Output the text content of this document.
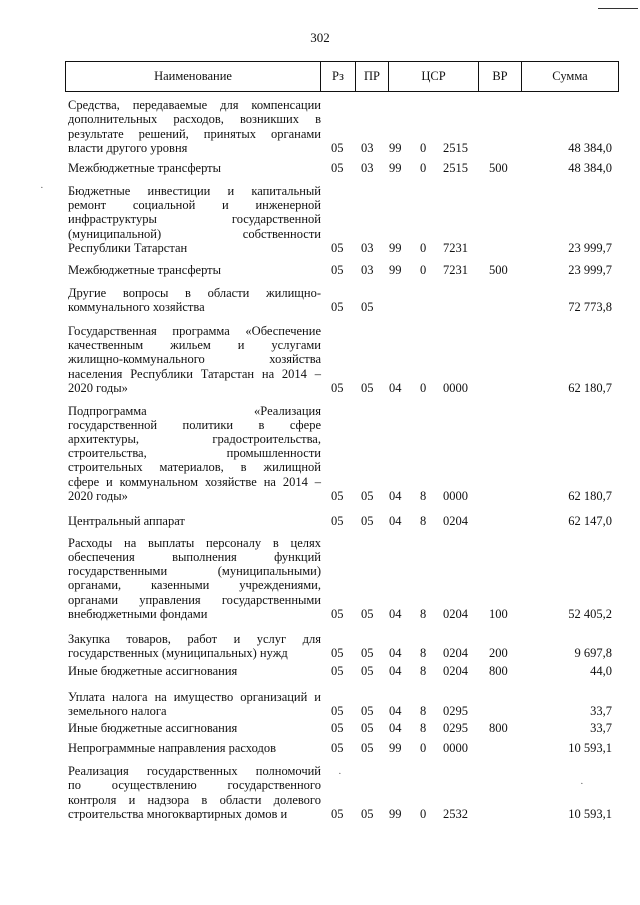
302
·
·
·
Наименование	Рз	ПР	ЦСР	ВР	Сумма
Средства, передаваемые для компенсации
дополнительных расходов, возникших в
результате решений, принятых органами
власти другого уровня	05	03	99	0	2515	48 384,0
Межбюджетные трансферты	05	03	99	0	2515	500	48 384,0
Бюджетные инвестиции и капитальный
ремонт социальной и инженерной
инфраструктуры государственной
(муниципальной) собственности
Республики Татарстан	05	03	99	0	7231	23 999,7
Межбюджетные трансферты	05	03	99	0	7231	500	23 999,7
Другие вопросы в области жилищно-
коммунального хозяйства	05	05	72 773,8
Государственная программа «Обеспечение
качественным жильем и услугами
жилищно-коммунального хозяйства
населения Республики Татарстан на 2014 –
2020 годы»	05	05	04	0	0000	62 180,7
Подпрограмма «Реализация
государственной политики в сфере
архитектуры, градостроительства,
строительства, промышленности
строительных материалов, в жилищной
сфере и коммунальном хозяйстве на 2014 –
2020 годы»	05	05	04	8	0000	62 180,7
Центральный аппарат	05	05	04	8	0204	62 147,0
Расходы на выплаты персоналу в целях
обеспечения выполнения функций
государственными (муниципальными)
органами, казенными учреждениями,
органами управления государственными
внебюджетными фондами	05	05	04	8	0204	100	52 405,2
Закупка товаров, работ и услуг для
государственных (муниципальных) нужд	05	05	04	8	0204	200	9 697,8
Иные бюджетные ассигнования	05	05	04	8	0204	800	44,0
Уплата налога на имущество организаций и
земельного налога	05	05	04	8	0295	33,7
Иные бюджетные ассигнования	05	05	04	8	0295	800	33,7
Непрограммные направления расходов	05	05	99	0	0000	10 593,1
Реализация государственных полномочий
по осуществлению государственного
контроля и надзора в области долевого
строительства многоквартирных домов и	05	05	99	0	2532	10 593,1
